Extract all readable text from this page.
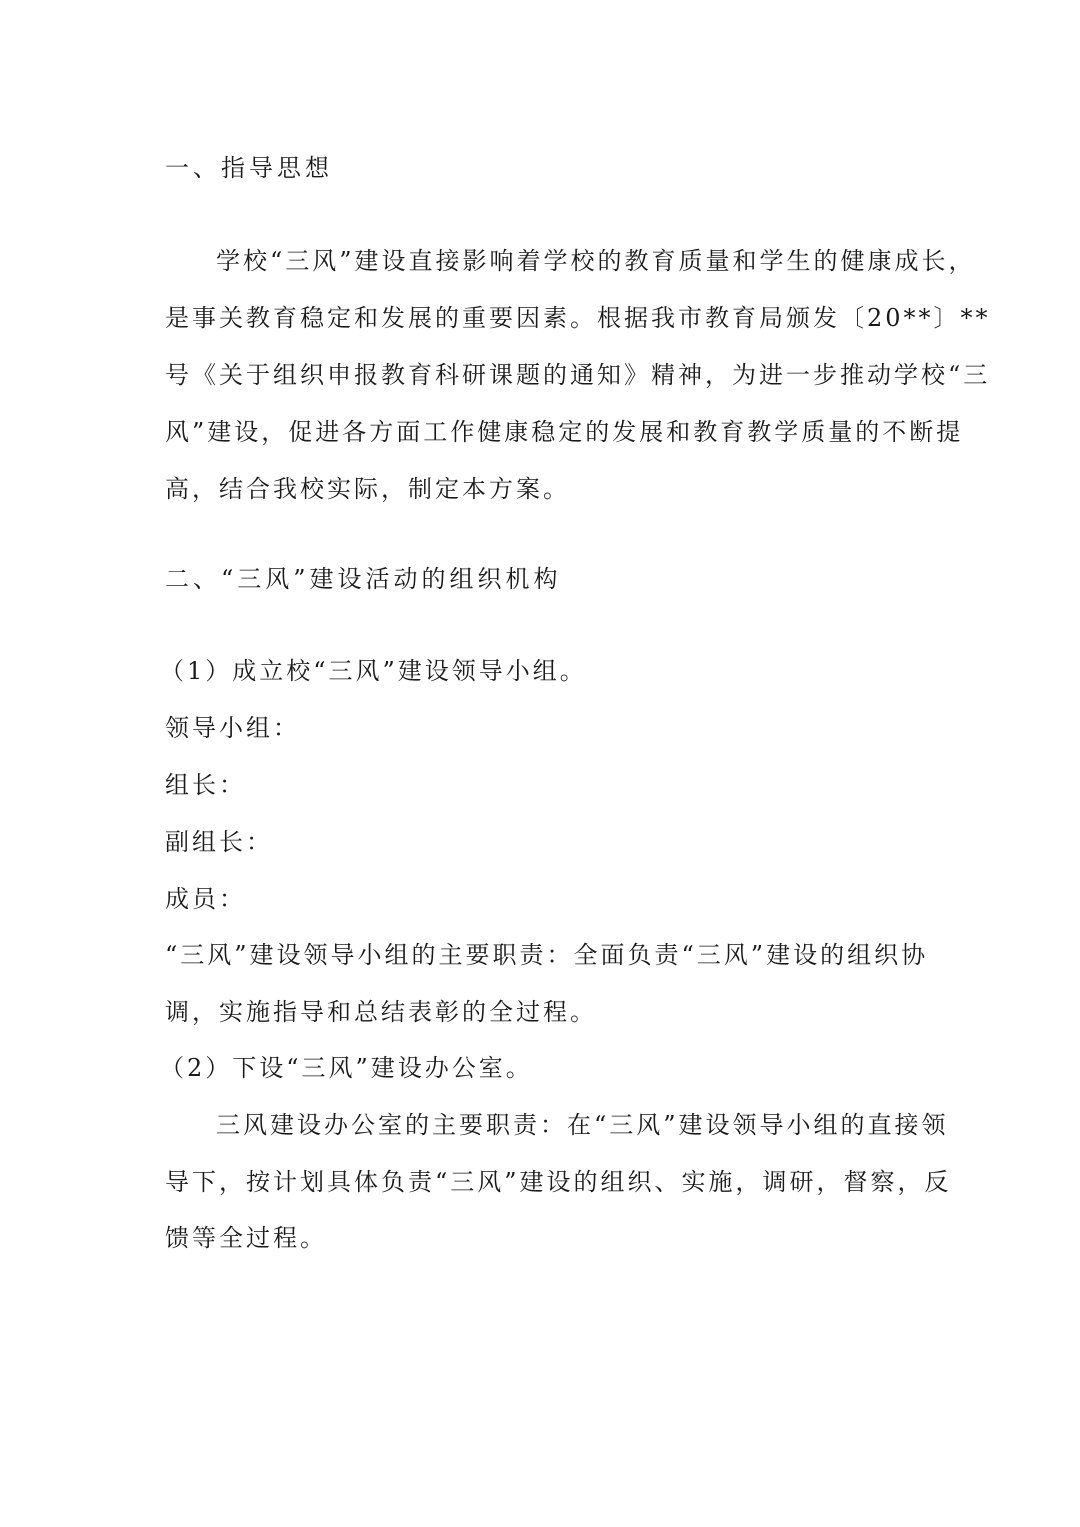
一、指导思想
学校“三风”建设直接影响着学校的教育质量和学生的健康成长，
是事关教育稳定和发展的重要因素。根据我市教育局颁发〔20**〕**
号《关于组织申报教育科研课题的通知》精神，为进一步推动学校“三
风”建设，促进各方面工作健康稳定的发展和教育教学质量的不断提
高，结合我校实际，制定本方案。
二、“三风”建设活动的组织机构
（1）成立校“三风”建设领导小组。
领导小组：
组长：
副组长：
成员：
“三风”建设领导小组的主要职责：全面负责“三风”建设的组织协
调，实施指导和总结表彰的全过程。
（2）下设“三风”建设办公室。
三风建设办公室的主要职责：在“三风”建设领导小组的直接领
导下，按计划具体负责“三风”建设的组织、实施，调研，督察，反
馈等全过程。
